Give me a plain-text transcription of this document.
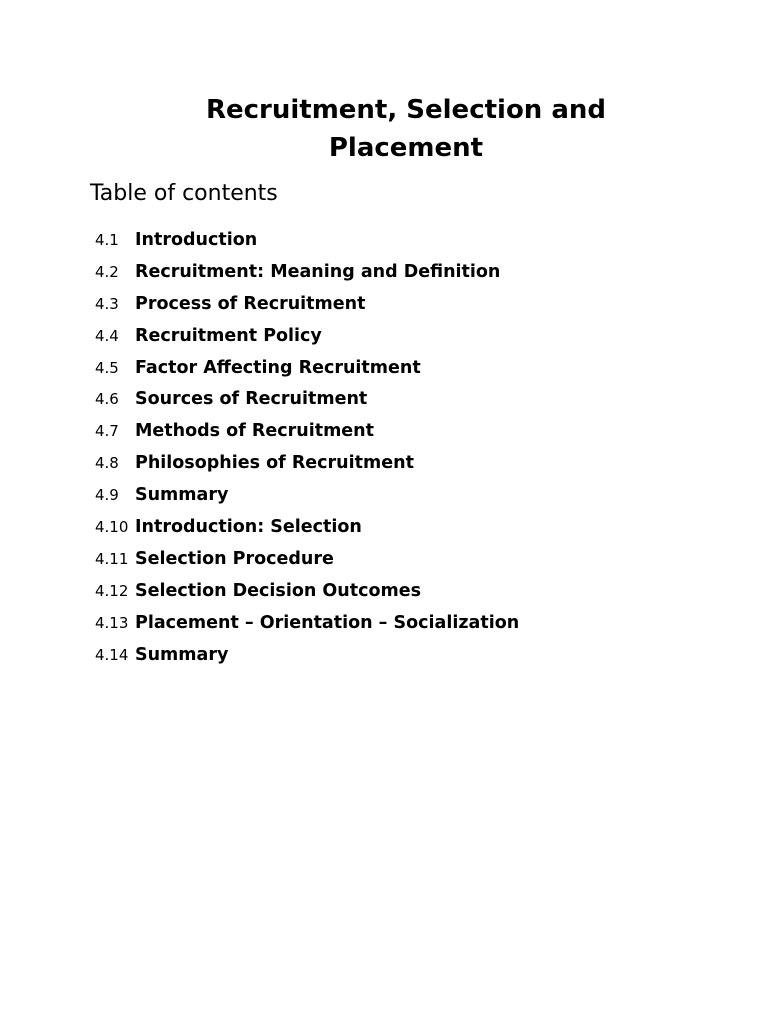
Recruitment, Selection and
Placement
Table of contents
4.1 Introduction
4.2 Recruitment: Meaning and Definition
4.3 Process of Recruitment
4.4 Recruitment Policy
4.5 Factor Affecting Recruitment
4.6 Sources of Recruitment
4.7 Methods of Recruitment
4.8 Philosophies of Recruitment
4.9 Summary
4.10 Introduction: Selection
4.11 Selection Procedure
4.12 Selection Decision Outcomes
4.13 Placement – Orientation – Socialization
4.14 Summary
